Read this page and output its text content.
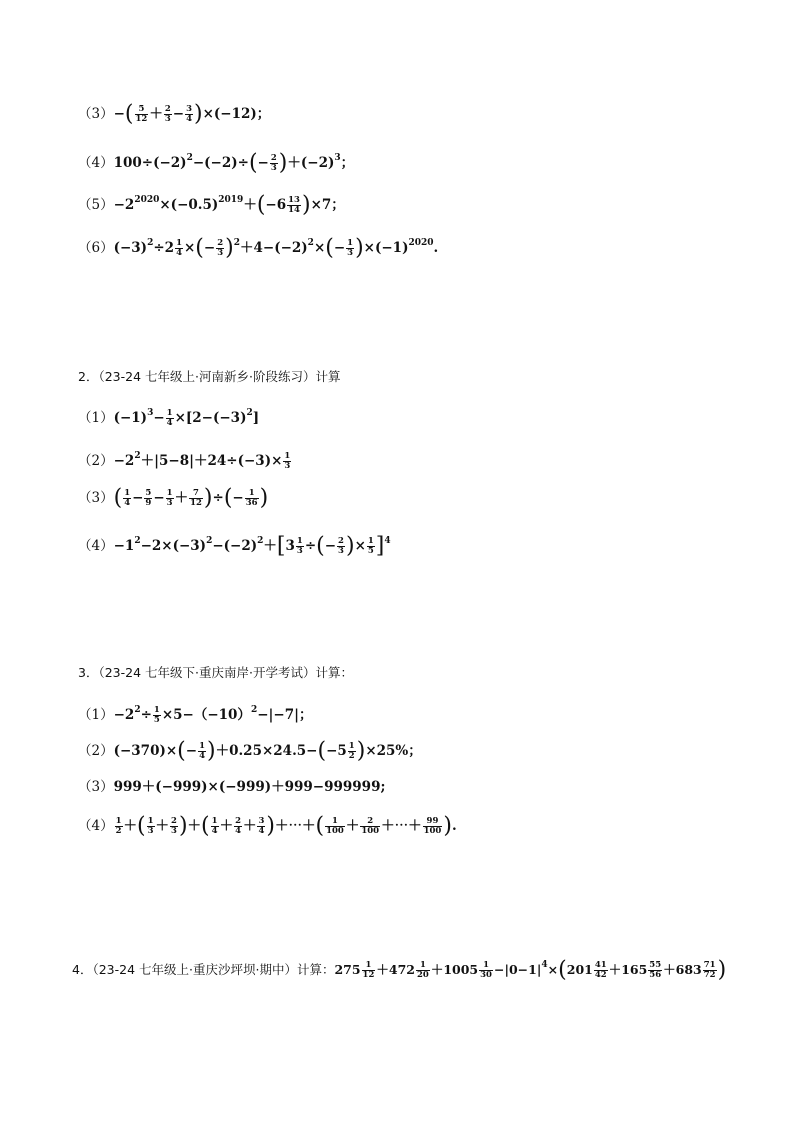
$(3)-( \frac{5}{12} + \frac{2}{3} - \frac{3}{4} )\times(-12)$；
$(4)100\div(-2)^2-(-2)\div(- \frac{2}{3} )+(-2)^3$；
$(5)-2^{2020}\times(-0.5)^{2019}+(-6 \frac{13}{14} )\times 7$；
$(6)(-3)^2\div 2 \frac{1}{4}$ ×(− $\frac{2}{3} )^2+4-(-2)^2\times(- \frac{1}{3} )\times(-1)^{2020}$.
2．（23-24 七年级上·河南新乡·阶段练习）计算
$(1)(-1)^3- \frac{1}{4} \times[2-(-3)^2]$
$(2)-2^2+|5-8|+24\div(-3)\times \frac{1}{3}$
$(3)( \frac{1}{4} - \frac{5}{9} - \frac{1}{3} + \frac{7}{12}$ )÷(− $\frac{1}{36}$ )
$(4)-1^2-2\times(-3)^2-(-2)^2+[3 \frac{1}{3}$ ÷(− $\frac{2}{3}$ )× $\frac{1}{5} ]^4$
3．（23-24 七年级下·重庆南岸·开学考试）计算：
$(1)-2^2\div \frac{1}{5} \times 5-(-10)^2-|-7|$；
$(2)(-370)\times(- \frac{1}{4} )+0.25\times 24.5-(-5 \frac{1}{2} )\times 25\%$；
（3）999＋(−999)×(−999)＋999−999999;
$(4) \frac{1}{2}$ ＋( $\frac{1}{3} + \frac{2}{3}$ )＋( $\frac{1}{4} + \frac{2}{4} + \frac{3}{4}$ )＋⋯＋( $\frac{1}{100} + \frac{2}{100}$ ＋⋯＋ $\frac{99}{100}$ ).
4．（23-24 七年级上·重庆沙坪坝·期中）计算：$275 \frac{1}{12} +472 \frac{1}{20} +1005 \frac{1}{30} -|0-1|^4\times(201 \frac{41}{42} +165 \frac{55}{56} +683 \frac{71}{72}$ )
